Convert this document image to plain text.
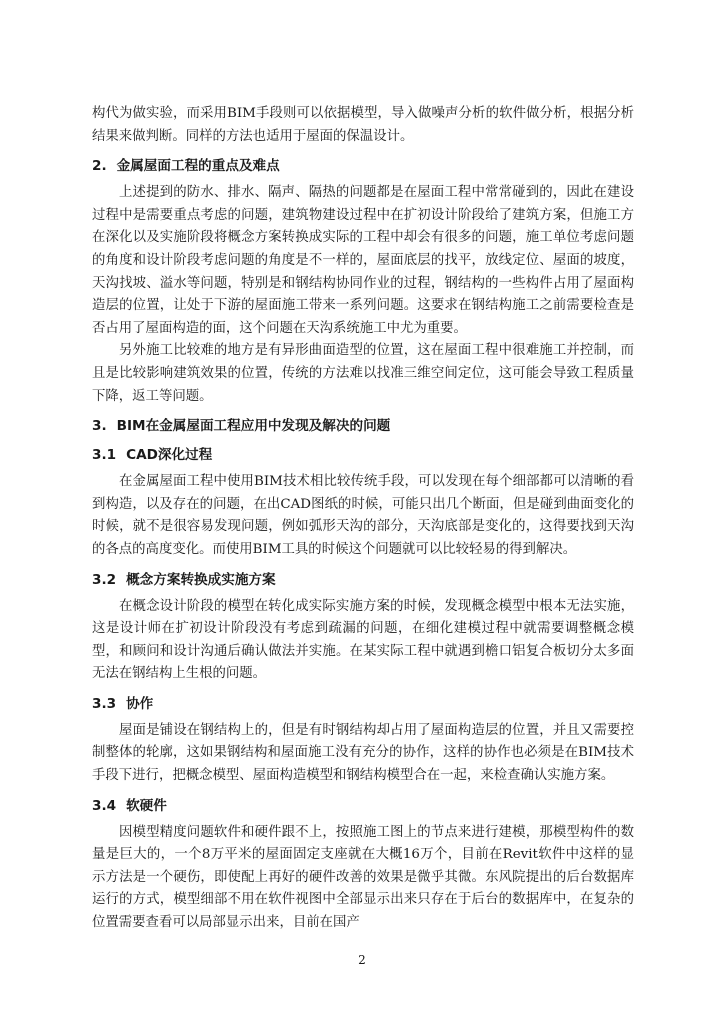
构代为做实验，而采用BIM手段则可以依据模型，导入做噪声分析的软件做分析，根据分析结果来做判断。同样的方法也适用于屋面的保温设计。

2. 金属屋面工程的重点及难点

上述提到的防水、排水、隔声、隔热的问题都是在屋面工程中常常碰到的，因此在建设过程中是需要重点考虑的问题，建筑物建设过程中在扩初设计阶段给了建筑方案，但施工方在深化以及实施阶段将概念方案转换成实际的工程中却会有很多的问题，施工单位考虑问题的角度和设计阶段考虑问题的角度是不一样的，屋面底层的找平，放线定位、屋面的坡度，天沟找坡、溢水等问题，特别是和钢结构协同作业的过程，钢结构的一些构件占用了屋面构造层的位置，让处于下游的屋面施工带来一系列问题。这要求在钢结构施工之前需要检查是否占用了屋面构造的面，这个问题在天沟系统施工中尤为重要。

另外施工比较难的地方是有异形曲面造型的位置，这在屋面工程中很难施工并控制，而且是比较影响建筑效果的位置，传统的方法难以找准三维空间定位，这可能会导致工程质量下降，返工等问题。

3. BIM在金属屋面工程应用中发现及解决的问题
3.1 CAD深化过程

在金属屋面工程中使用BIM技术相比较传统手段，可以发现在每个细部都可以清晰的看到构造，以及存在的问题，在出CAD图纸的时候，可能只出几个断面，但是碰到曲面变化的时候，就不是很容易发现问题，例如弧形天沟的部分，天沟底部是变化的，这得要找到天沟的各点的高度变化。而使用BIM工具的时候这个问题就可以比较轻易的得到解决。

3.2 概念方案转换成实施方案

在概念设计阶段的模型在转化成实际实施方案的时候，发现概念模型中根本无法实施，这是设计师在扩初设计阶段没有考虑到疏漏的问题，在细化建模过程中就需要调整概念模型，和顾问和设计沟通后确认做法并实施。在某实际工程中就遇到檐口铝复合板切分太多面无法在钢结构上生根的问题。

3.3 协作

屋面是铺设在钢结构上的，但是有时钢结构却占用了屋面构造层的位置，并且又需要控制整体的轮廓，这如果钢结构和屋面施工没有充分的协作，这样的协作也必须是在BIM技术手段下进行，把概念模型、屋面构造模型和钢结构模型合在一起，来检查确认实施方案。

3.4 软硬件

因模型精度问题软件和硬件跟不上，按照施工图上的节点来进行建模，那模型构件的数量是巨大的，一个8万平米的屋面固定支座就在大概16万个，目前在Revit软件中这样的显示方法是一个硬伤，即使配上再好的硬件改善的效果是微乎其微。东风院提出的后台数据库运行的方式，模型细部不用在软件视图中全部显示出来只存在于后台的数据库中，在复杂的位置需要查看可以局部显示出来，目前在国产

2
